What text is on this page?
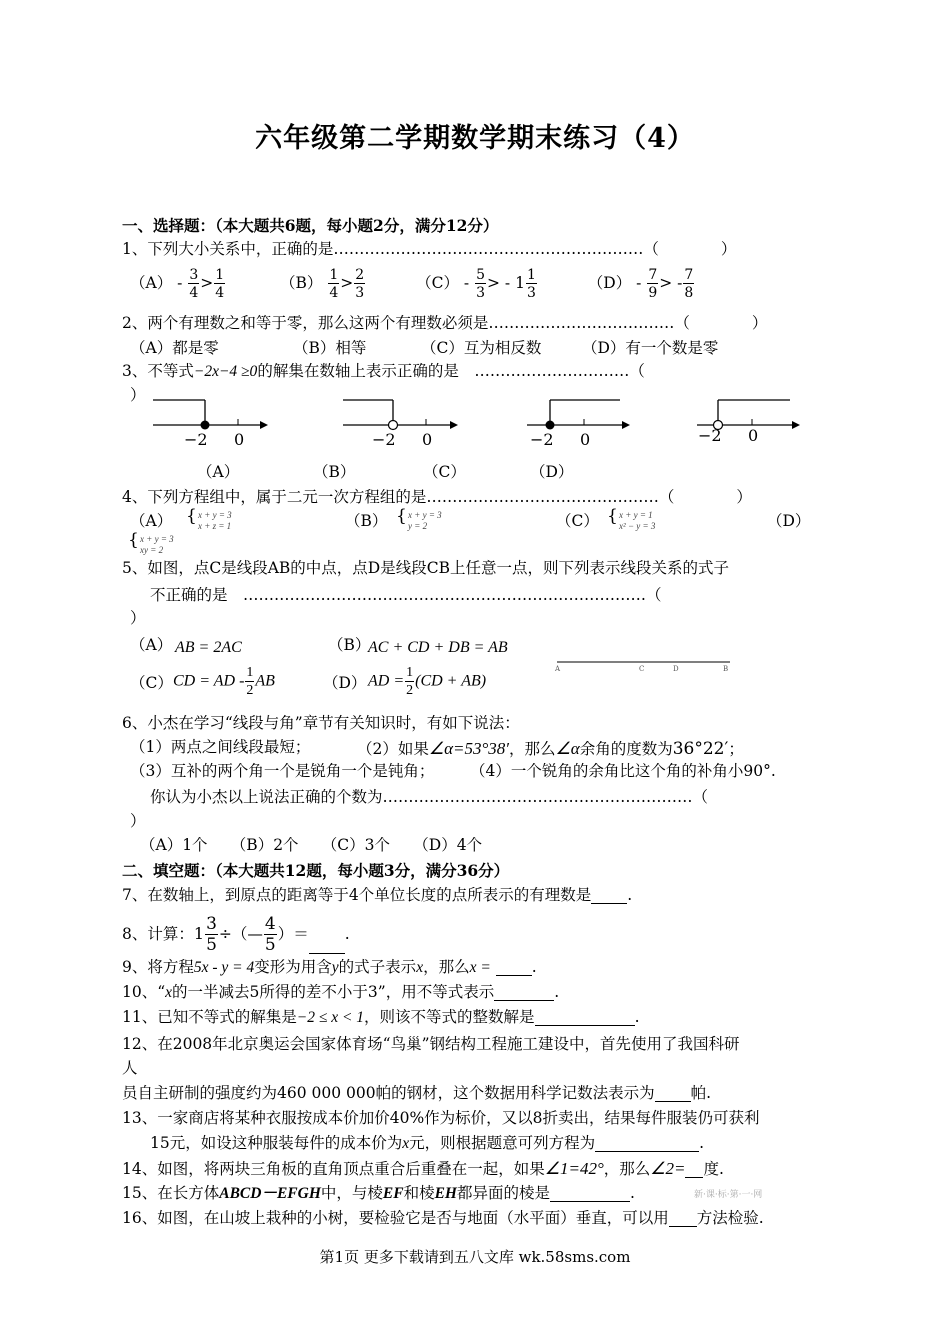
六年级第二学期数学期末练习（4）
一、选择题：（本大题共6题，每小题2分，满分12分）
1、下列大小关系中，正确的是……………………………………………………（　　　　）
$(A) - \frac{3}{4} > \frac{1}{4}$	$(B) \frac{1}{4} > \frac{2}{3}$	$(C) - \frac{5}{3}$ > - $1 \frac{1}{3}$	$(D) - \frac{7}{9}$ > - $\frac{7}{8}$
2、两个有理数之和等于零，那么这两个有理数必须是………………………………（　　　　）
（A）都是零	（B）相等	（C）互为相反数	（D）有一个数是零
3、不等式−2x−4 ≥0的解集在数轴上表示正确的是　…………………………（
）
−2 0	−2 0	−2 0	−2 0
（A）	（B）	（C）	（D）
4、下列方程组中，属于二元一次方程组的是………………………………………（　　　　）
（A） { x + y = 3
x + z = 1	（B） { x + y = 3
y = 2	（C） { x + y = 1
x² − y = 3	（D）
{ x + y = 3
xy = 2
5、如图，点C是线段AB的中点，点D是线段CB上任意一点，则下列表示线段关系的式子
不正确的是　……………………………………………………………………（
）
（A） AB = 2AC	（B）
AC + CD + DB = AB
（C） CD = AD - $\frac{1}{2}$ AB	（D） AD = $\frac{1}{2} (CD + AB)$
A	C	D	B
6、小杰在学习“线段与角”章节有关知识时，有如下说法：
（1）两点之间线段最短；	（2）如果∠α=53°38′，那么∠α余角的度数为36°22′；
（3）互补的两个角一个是锐角一个是钝角； （4）一个锐角的余角比这个角的补角小90°.
你认为小杰以上说法正确的个数为……………………………………………………（
）
（A）1个　　（B）2个　　（C）3个　　（D）4个
二、填空题：（本大题共12题，每小题3分，满分36分）
7、在数轴上，到原点的距离等于4个单位长度的点所表示的有理数是 .
8、计算：$1 \frac{3}{5}$ ÷（— $\frac{4}{5}$ ）＝ .
9、将方程5x - y = 4变形为用含y的式子表示x，那么x =	.
10、“x的一半减去5所得的差不小于3”，用不等式表示	.
11、已知不等式的解集是−2 ≤ x < 1，则该不等式的整数解是	.
12、在2008年北京奥运会国家体育场“鸟巢”钢结构工程施工建设中，首先使用了我国科研
人
员自主研制的强度约为460 000 000帕的钢材，这个数据用科学记数法表示为 帕.
13、一家商店将某种衣服按成本价加价40%作为标价，又以8折卖出，结果每件服装仍可获利
15元，如设这种服装每件的成本价为x元，则根据题意可列方程为	.
14、如图，将两块三角板的直角顶点重合后重叠在一起，如果∠1=42°，那么∠2= 度.
15、在长方体ABCD－EFGH中，与棱EF和棱EH都异面的棱是	.	新·课·标·第·一·网
16、如图，在山坡上栽种的小树，要检验它是否与地面（水平面）垂直，可以用 方法检验.
第1页 更多下载请到五八文库 wk.58sms.com
